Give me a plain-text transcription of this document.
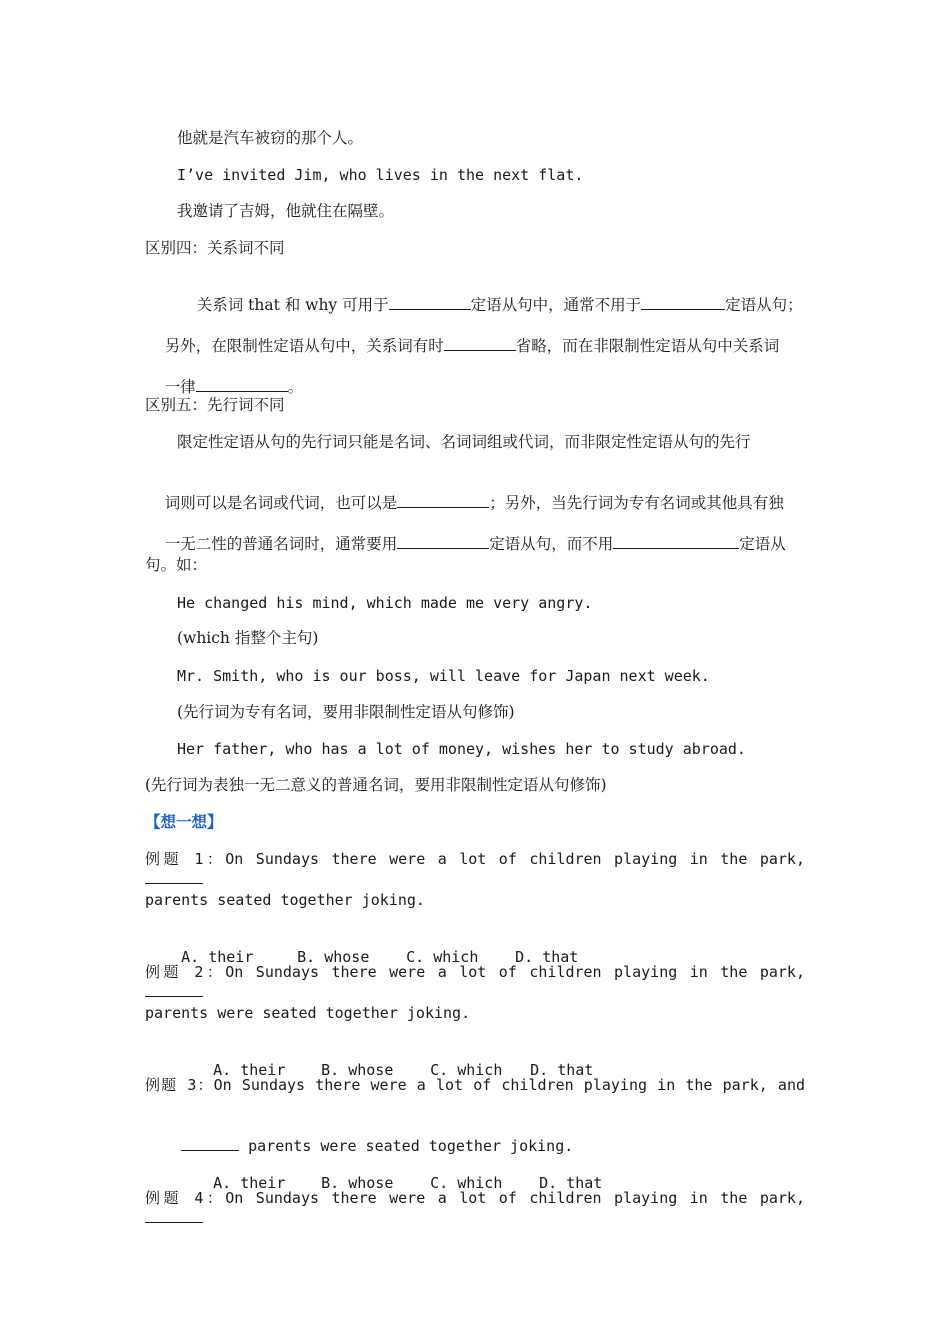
他就是汽车被窃的那个人。
I’ve invited Jim, who lives in the next flat.
我邀请了吉姆，他就住在隔壁。
区别四：关系词不同

关系词 that 和 why 可用于	定语从句中，通常不用于	定语从句；

另外，在限制性定语从句中，关系词有时	省略，而在非限制性定语从句中关系词

一律	。

区别五：先行词不同
限定性定语从句的先行词只能是名词、名词词组或代词，而非限定性定语从句的先行

词则可以是名词或代词，也可以是	；另外，当先行词为专有名词或其他具有独

一无二性的普通名词时，通常要用	定语从句，而不用	定语从

句。如：
He changed his mind, which made me very angry.
(which 指整个主句)
Mr. Smith, who is our boss, will leave for Japan next week.
(先行词为专有名词，要用非限制性定语从句修饰)
Her father, who has a lot of money, wishes her to study abroad.
(先行词为表独一无二意义的普通名词，要用非限制性定语从句修饰)
【想一想】
例题 1：On Sundays there were a lot of children playing in the park,
parents seated together joking.

A. their	B. whose C. which D. that

例题 2：On Sundays there were a lot of children playing in the park,
parents were seated together joking.

A. their B. whose C. which D. that

例题 3：On Sundays there were a lot of children playing in the park, and

parents were seated together joking.

A. their B. whose C. which D. that

例题 4：On Sundays there were a lot of children playing in the park,
